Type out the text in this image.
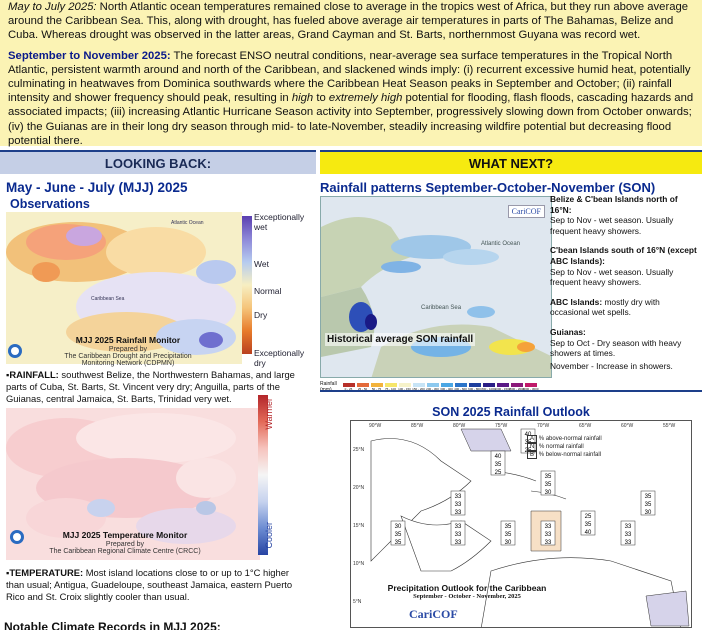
May to July 2025: North Atlantic ocean temperatures remained close to average in the tropics west of Africa, but they run above average around the Caribbean Sea. This, along with drought, has fueled above average air temperatures in parts of The Bahamas, Belize and Cuba. Whereas drought was observed in the latter areas, Grand Cayman and St. Barts, northernmost Guyana was record wet.

September to November 2025: The forecast ENSO neutral conditions, near-average sea surface temperatures in the Tropical North Atlantic, persistent warmth around and north of the Caribbean, and slackened winds imply: (i) recurrent excessive humid heat, potentially culminating in heatwaves from Dominica southwards where the Caribbean Heat Season peaks in September and October; (ii) rainfall intensity and shower frequency should peak, resulting in high to extremely high potential for flooding, flash floods, cascading hazards and associated impacts; (iii) increasing Atlantic Hurricane Season activity into September, progressively slowing down from October onwards; (iv) the Guianas are in their long dry season through mid- to late-November, steadily increasing wildfire potential but decreasing flood potential there.

LOOKING BACK:
May - June - July (MJJ) 2025
Observations
Atlantic Ocean
Caribbean Sea
MJJ 2025 Rainfall Monitor
Prepared by
The Caribbean Drought and Precipitation Monitoring Network (CDPMN)
Exceptionally wet
Wet
Normal
Dry
Exceptionally dry
▪RAINFALL: southwest Belize, the Northwestern Bahamas, and large parts of Cuba, St. Barts, St. Vincent very dry; Anguilla, parts of the Guianas, central Jamaica, St. Barts, Trinidad very wet.
MJJ 2025 Temperature Monitor
Prepared by
The Caribbean Regional Climate Centre (CRCC)
Warmer
Cooler
▪TEMPERATURE: Most island locations close to or up to 1°C higher than usual; Antigua, Guadeloupe, southeast Jamaica, eastern Puerto Rico and St. Croix slightly cooler than usual.
Notable Climate Records in MJJ 2025:
WHAT NEXT?
Rainfall patterns September-October-November (SON)
Atlantic Ocean
Caribbean Sea
CariCOF
Historical average SON rainfall
Rainfall (mm)	0 - 25 25 - 50 50 - 75 75 - 100 100 - 150 150 - 200 200 - 300 300 - 400 400 - 600 600 - 800 800 - 1000
1000 - 1500
1500 - 2000
2000 - 3000

Belize & C'bean Islands north of 16°N:
Sep to Nov - wet season. Usually frequent heavy showers.

C'bean Islands south of 16°N (except ABC Islands):
Sep to Nov - wet season. Usually frequent heavy showers.

ABC Islands: mostly dry with occasional wet spells.

Guianas:
Sep to Oct - Dry season with heavy showers at times.

November - Increase in showers.

SON 2025 Rainfall Outlook
40
35
25
35
35
30
35
35
30
33
33
33
33
33
33
30
35
35
35
35
30
33
33
33
25
35
40
40
35
25
33
33
33
90°W	85°W	80°W	75°W	70°W	65°W	60°W	55°W
25°N
20°N
15°N
10°N
5°N
A % above-normal rainfall
N % normal rainfall
B % below-normal rainfall
Precipitation Outlook for the Caribbean
September - October - November, 2025
CariCOF
